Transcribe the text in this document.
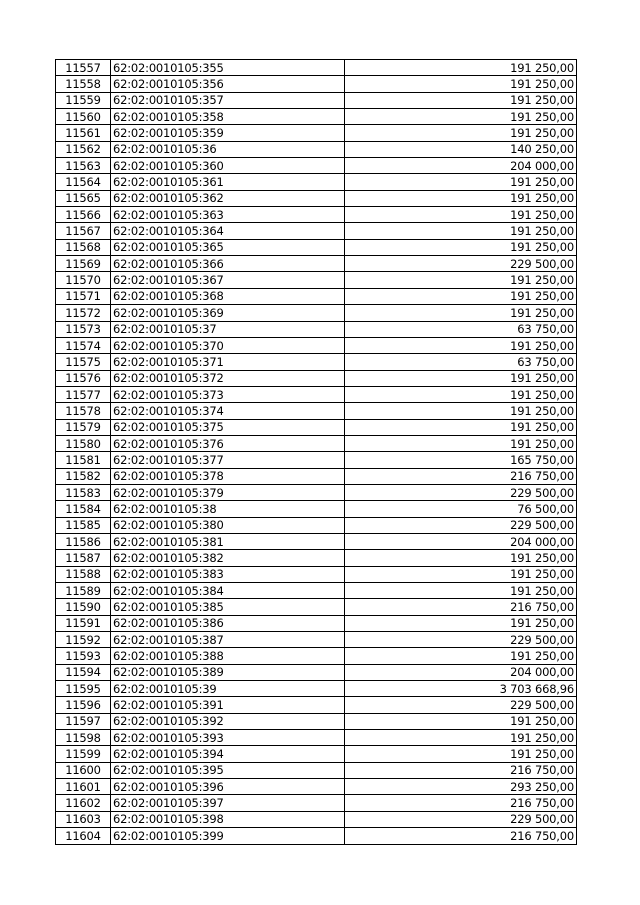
11557	62:02:0010105:355	191 250,00
11558	62:02:0010105:356	191 250,00
11559	62:02:0010105:357	191 250,00
11560	62:02:0010105:358	191 250,00
11561	62:02:0010105:359	191 250,00
11562	62:02:0010105:36	140 250,00
11563	62:02:0010105:360	204 000,00
11564	62:02:0010105:361	191 250,00
11565	62:02:0010105:362	191 250,00
11566	62:02:0010105:363	191 250,00
11567	62:02:0010105:364	191 250,00
11568	62:02:0010105:365	191 250,00
11569	62:02:0010105:366	229 500,00
11570	62:02:0010105:367	191 250,00
11571	62:02:0010105:368	191 250,00
11572	62:02:0010105:369	191 250,00
11573	62:02:0010105:37	63 750,00
11574	62:02:0010105:370	191 250,00
11575	62:02:0010105:371	63 750,00
11576	62:02:0010105:372	191 250,00
11577	62:02:0010105:373	191 250,00
11578	62:02:0010105:374	191 250,00
11579	62:02:0010105:375	191 250,00
11580	62:02:0010105:376	191 250,00
11581	62:02:0010105:377	165 750,00
11582	62:02:0010105:378	216 750,00
11583	62:02:0010105:379	229 500,00
11584	62:02:0010105:38	76 500,00
11585	62:02:0010105:380	229 500,00
11586	62:02:0010105:381	204 000,00
11587	62:02:0010105:382	191 250,00
11588	62:02:0010105:383	191 250,00
11589	62:02:0010105:384	191 250,00
11590	62:02:0010105:385	216 750,00
11591	62:02:0010105:386	191 250,00
11592	62:02:0010105:387	229 500,00
11593	62:02:0010105:388	191 250,00
11594	62:02:0010105:389	204 000,00
11595	62:02:0010105:39	3 703 668,96
11596	62:02:0010105:391	229 500,00
11597	62:02:0010105:392	191 250,00
11598	62:02:0010105:393	191 250,00
11599	62:02:0010105:394	191 250,00
11600	62:02:0010105:395	216 750,00
11601	62:02:0010105:396	293 250,00
11602	62:02:0010105:397	216 750,00
11603	62:02:0010105:398	229 500,00
11604	62:02:0010105:399	216 750,00
